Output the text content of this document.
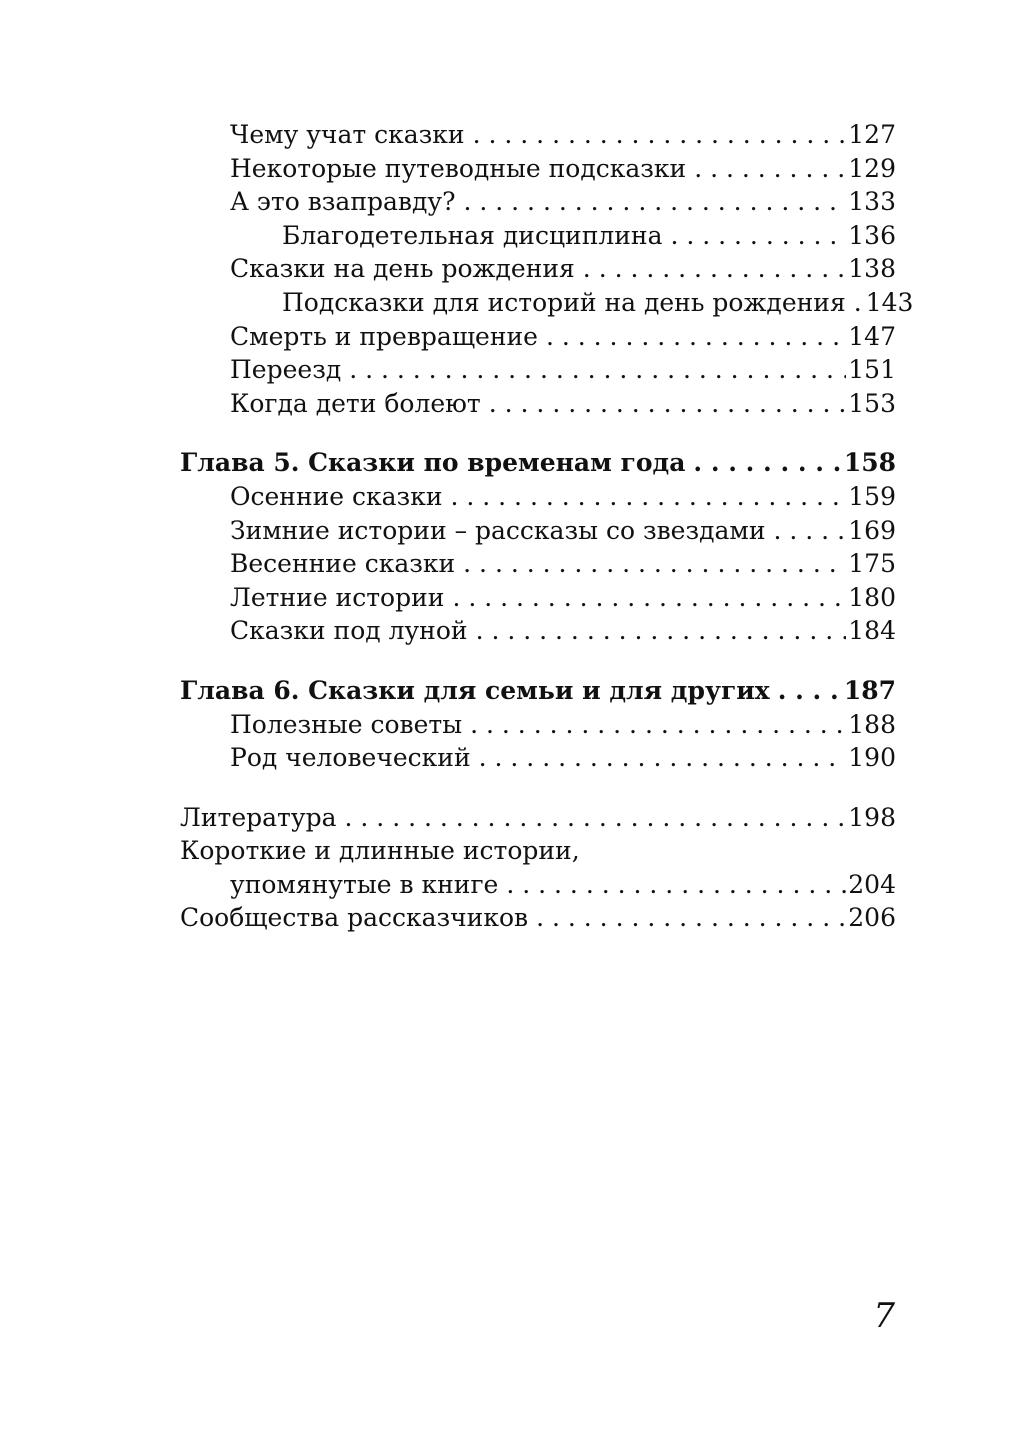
Чему учат сказки . . .	127
Некоторые путеводные подсказки . . .	129
А это взаправду? . . .	133
Благодетельная дисциплина . . .	136
Сказки на день рождения . . .	138
Подсказки для историй на день рождения . . . 143
Смерть и превращение . . .	147
Переезд . . .	151
Когда дети болеют . . .	153
Глава 5. Сказки по временам года . . .	158
Осенние сказки . . .	159
Зимние истории – рассказы со звездами . . .	169
Весенние сказки . . .	175
Летние истории . . .	180
Сказки под луной . . .	184
Глава 6. Сказки для семьи и для других . . .	187
Полезные советы . . .	188
Род человеческий . . .	190
Литература . . .	198
Короткие и длинные истории,
упомянутые в книге . . .	204
Сообщества рассказчиков . . .	206
7
